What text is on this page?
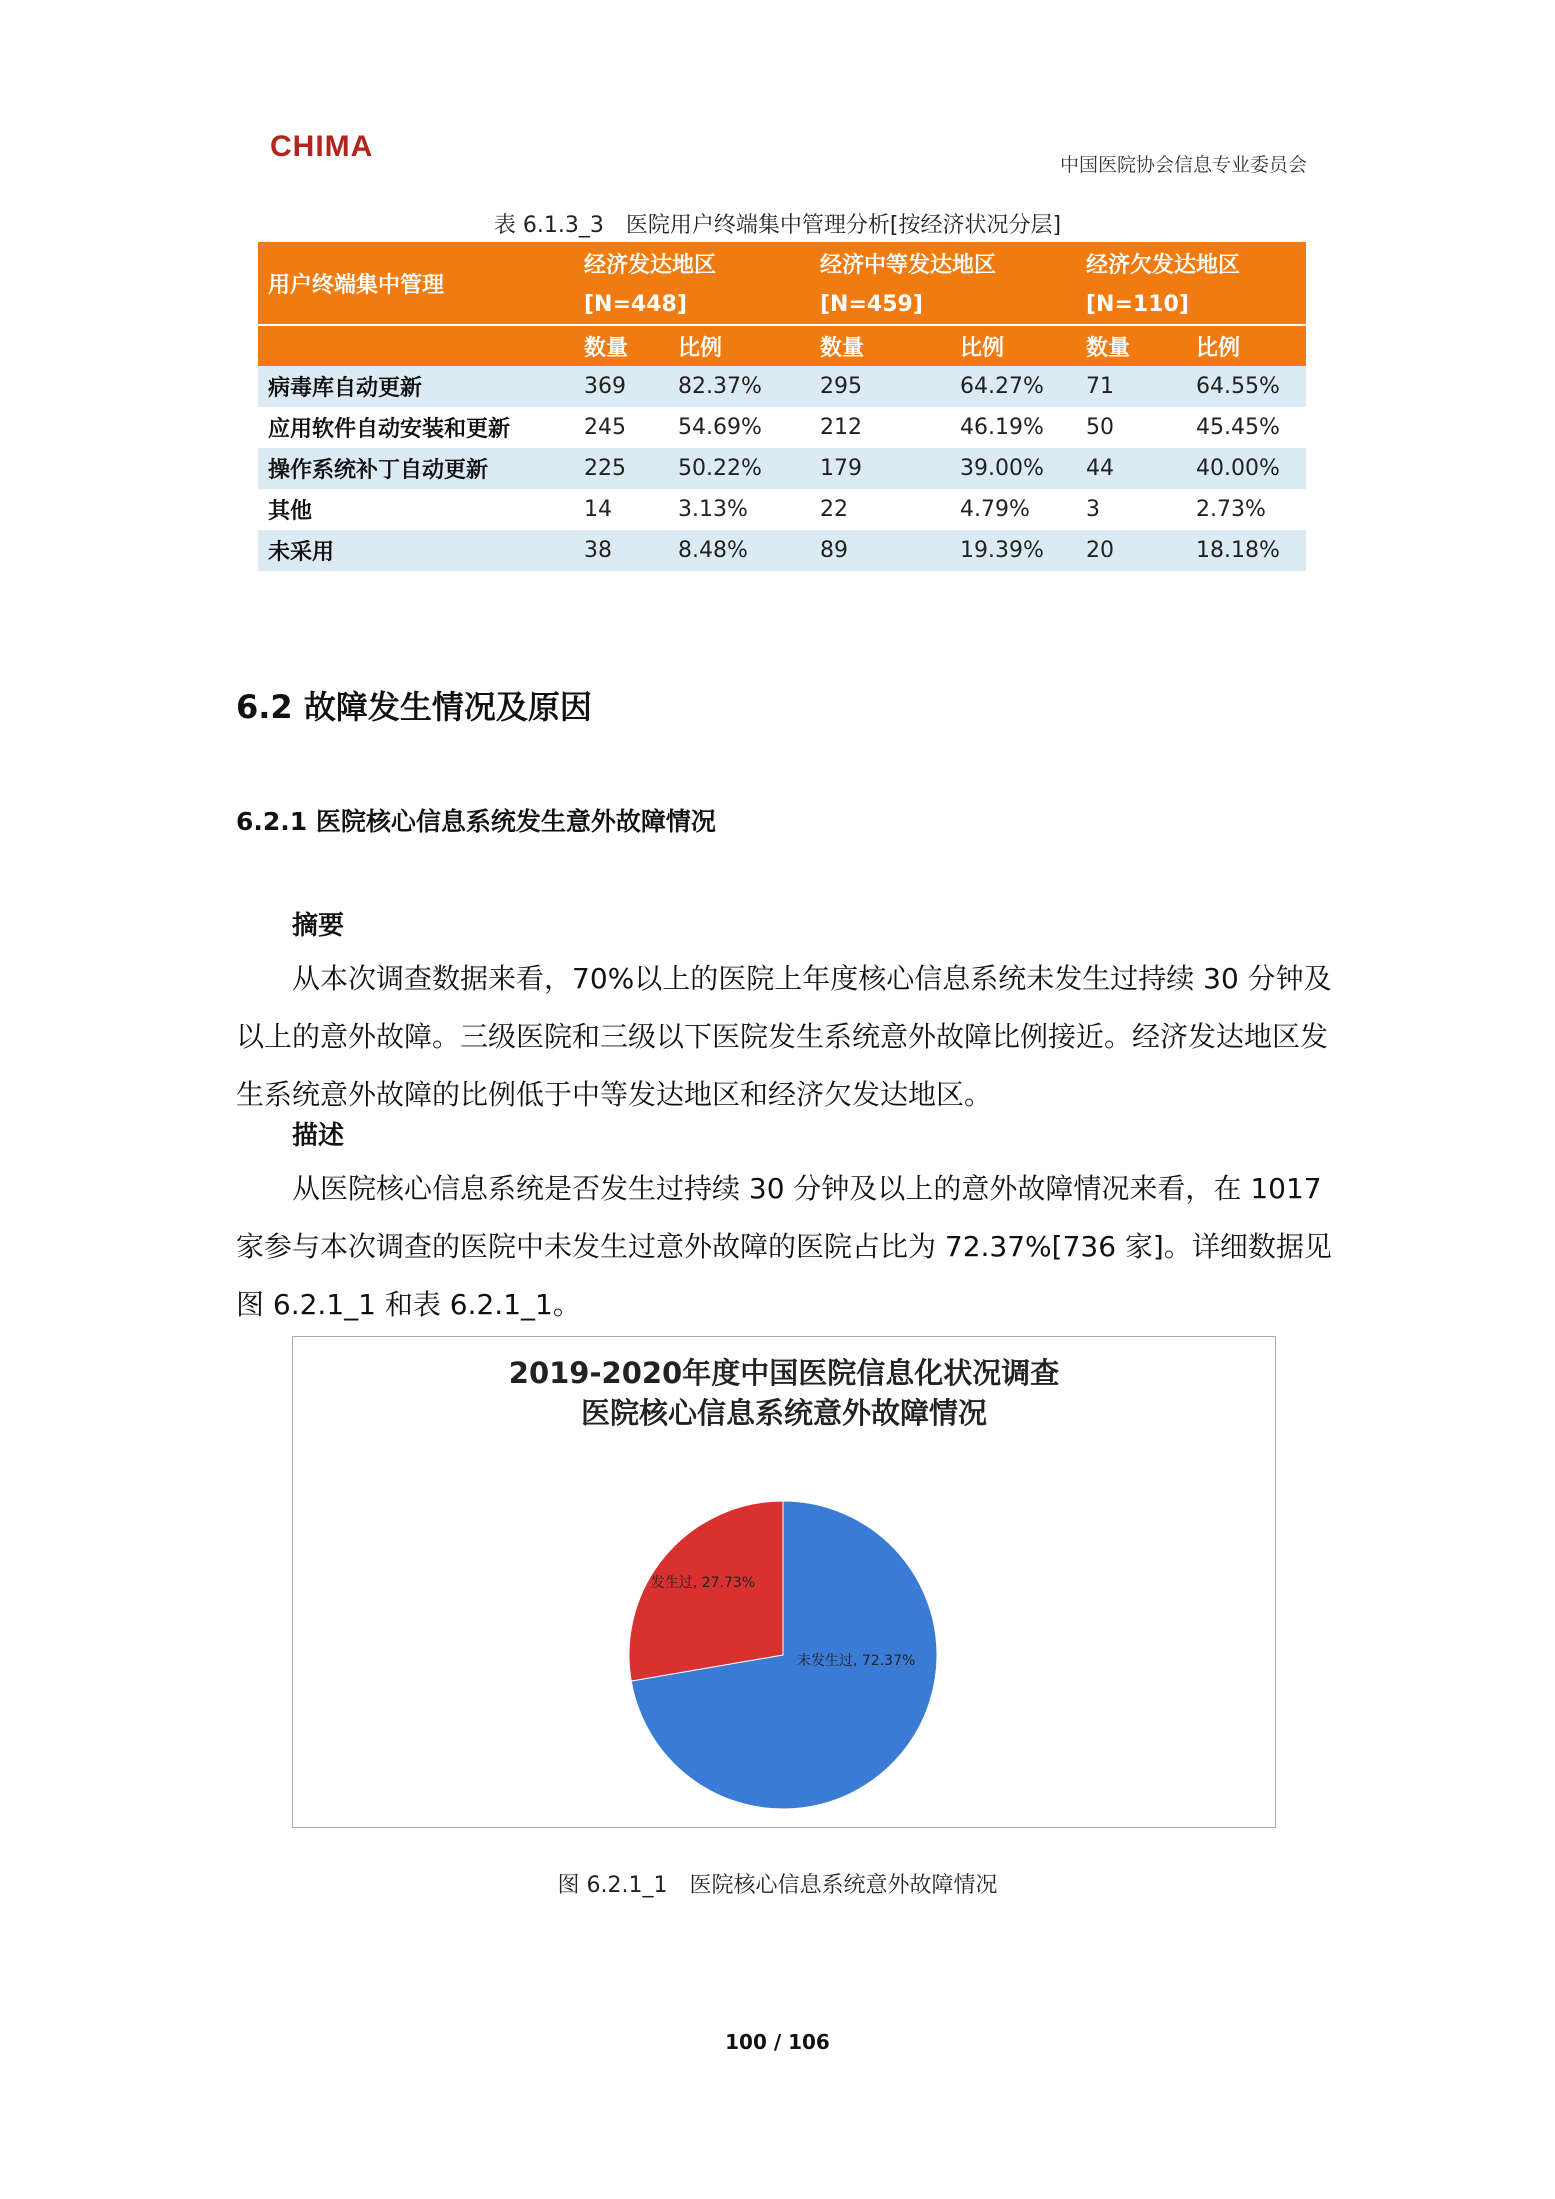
CHIMA
中国医院协会信息专业委员会
表 6.1.3_3　医院用户终端集中管理分析[按经济状况分层]
用户终端集中管理	经济发达地区		经济中等发达地区		经济欠发达地区	
	[N=448]		[N=459]		[N=110]	
	数量	比例	数量	比例	数量	比例
病毒库自动更新	369	82.37%	295	64.27%	71	64.55%
应用软件自动安装和更新	245	54.69%	212	46.19%	50	45.45%
操作系统补丁自动更新	225	50.22%	179	39.00%	44	40.00%
其他	14	3.13%	22	4.79%	3	2.73%
未采用	38	8.48%	89	19.39%	20	18.18%
6.2 故障发生情况及原因
6.2.1 医院核心信息系统发生意外故障情况
摘要
从本次调查数据来看，70%以上的医院上年度核心信息系统未发生过持续 30 分钟及以上的意外故障。三级医院和三级以下医院发生系统意外故障比例接近。经济发达地区发生系统意外故障的比例低于中等发达地区和经济欠发达地区。
描述
从医院核心信息系统是否发生过持续 30 分钟及以上的意外故障情况来看，在 1017 家参与本次调查的医院中未发生过意外故障的医院占比为 72.37%[736 家]。详细数据见图 6.2.1_1 和表 6.2.1_1。
2019-2020年度中国医院信息化状况调查
医院核心信息系统意外故障情况
未发生过, 72.37%
发生过, 27.73%
图 6.2.1_1　医院核心信息系统意外故障情况
100 / 106
